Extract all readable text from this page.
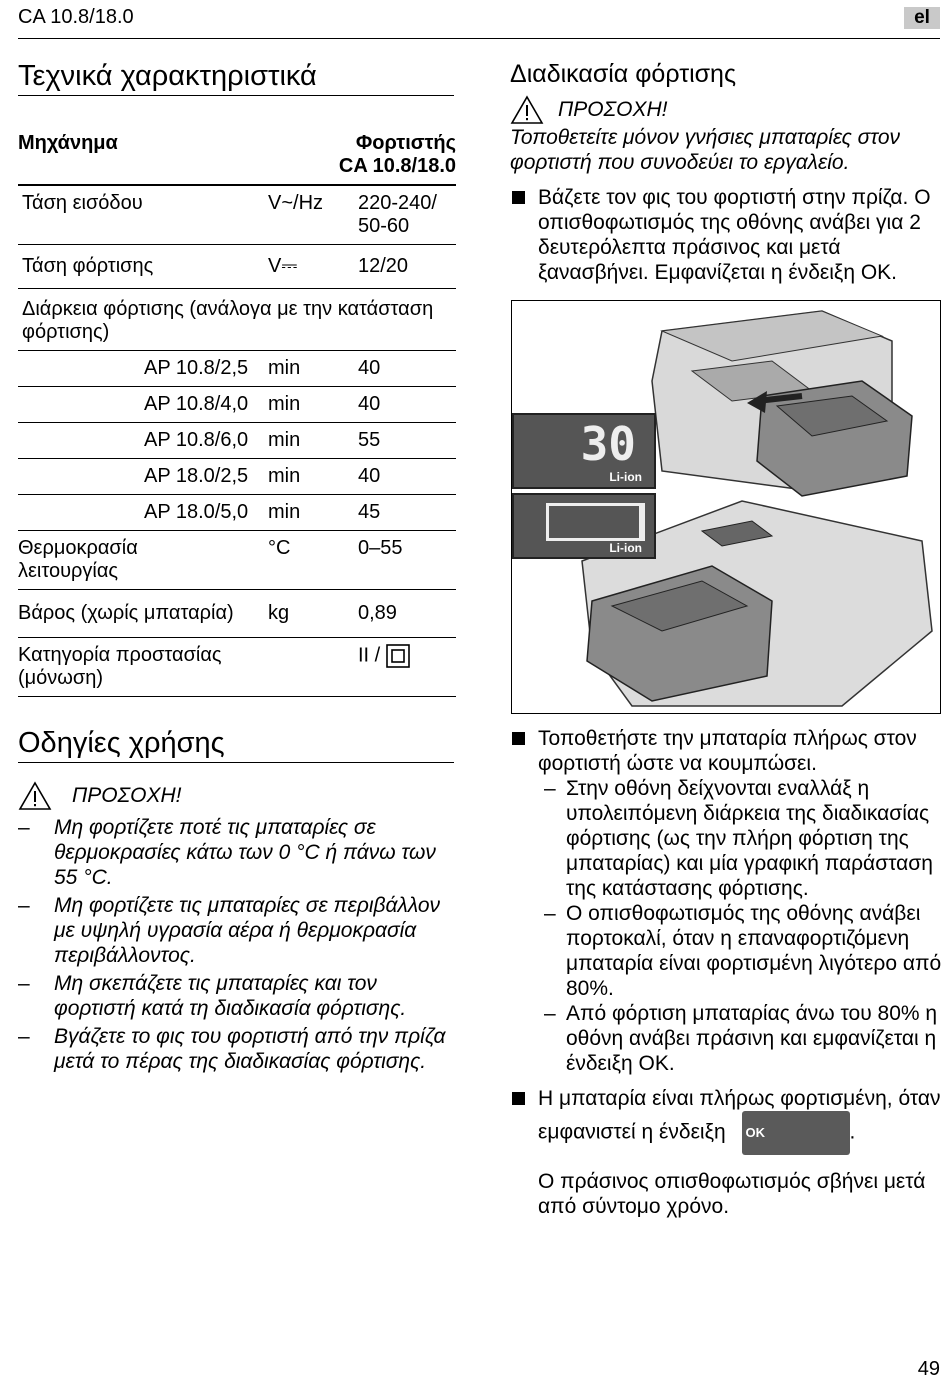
CA 10.8/18.0	el
Τεχνικά χαρακτηριστικά
Μηχάνημα	Φορτιστής
CA 10.8/18.0	

Τάση εισόδου	V~/Hz	220-240/
50-60
Τάση φόρτισης	V⎓	12/20
Διάρκεια φόρτισης (ανάλογα με την κατάσταση φόρτισης)		
AP 10.8/2,5	min	40
AP 10.8/4,0	min	40
AP 10.8/6,0	min	55
AP 18.0/2,5	min	40
AP 18.0/5,0	min	45
Θερμοκρασία
λειτουργίας	°C	0–55
Βάρος (χωρίς μπαταρία)	kg	0,89
Κατηγορία προστασίας
(μόνωση)	II /	
Οδηγίες χρήσης
ΠΡΟΣΟΧΗ!
– Μη φορτίζετε ποτέ τις μπαταρίες σε θερμοκρασίες κάτω των 0 °C ή πάνω των 55 °C.
– Μη φορτίζετε τις μπαταρίες σε περιβάλλον με υψηλή υγρασία αέρα ή θερμοκρασία περιβάλλοντος.
– Μη σκεπάζετε τις μπαταρίες και τον φορτιστή κατά τη διαδικασία φόρτισης.
– Βγάζετε το φις του φορτιστή από την πρίζα μετά το πέρας της διαδικασίας φόρτισης.
Διαδικασία φόρτισης
ΠΡΟΣΟΧΗ!
Τοποθετείτε μόνον γνήσιες μπαταρίες στον φορτιστή που συνοδεύει το εργαλείο.
Βάζετε τον φις του φορτιστή στην πρίζα. Ο οπισθοφωτισμός της οθόνης ανάβει για 2 δευτερόλεπτα πράσινος και μετά ξανασβήνει. Εμφανίζεται η ένδειξη OK.
30
Li-ion
Li-ion
Τοποθετήστε την μπαταρία πλήρως στον φορτιστή ώστε να κουμπώσει.
– Στην οθόνη δείχνονται εναλλάξ η υπολειπόμενη διάρκεια της διαδικασίας φόρτισης (ως την πλήρη φόρτιση της μπαταρίας) και μία γραφική παράσταση της κατάστασης φόρτισης.
– Ο οπισθοφωτισμός της οθόνης ανάβει πορτοκαλί, όταν η επαναφορτιζόμενη μπαταρία είναι φορτισμένη λιγότερο από 80%.
– Από φόρτιση μπαταρίας άνω του 80% η οθόνη ανάβει πράσινη και εμφανίζεται η ένδειξη OK.
Η μπαταρία είναι πλήρως φορτισμένη, όταν εμφανιστεί η ένδειξη OK	.
Ο πράσινος οπισθοφωτισμός σβήνει μετά από σύντομο χρόνο.
49
